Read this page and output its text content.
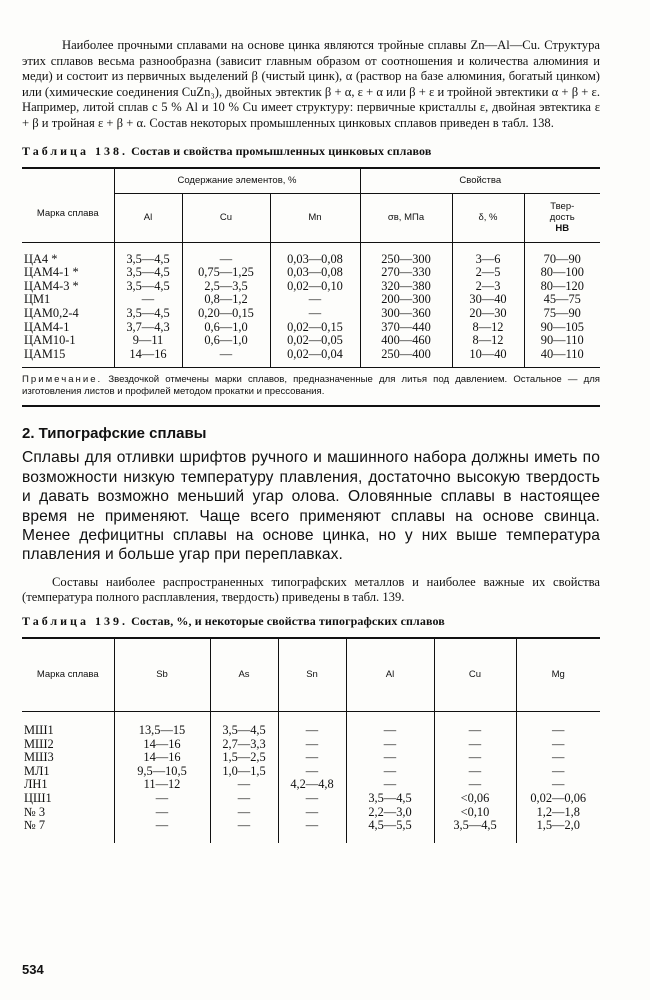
Наиболее прочными сплавами на основе цинка являются тройные сплавы Zn—Al—Cu. Структура этих сплавов весьма разнообразна (зависит главным образом от соотношения и количества алюминия и меди) и состоит из первичных выделений β (чистый цинк), α (раствор на базе алюминия, богатый цинком) или (химические соединения CuZn₃), двойных эвтектик β + α, ε + α или β + ε и тройной эвтектики α + β + ε. Например, литой сплав с 5 % Al и 10 % Cu имеет структуру: первичные кристаллы ε, двойная эвтектика ε + β и тройная ε + β + α. Состав некоторых промышленных цинковых сплавов приведен в табл. 138.

Таблица 138. Состав и свойства промышленных цинковых сплавов
Марка сплава	Содержание элементов, %			Свойства		
	Al	Cu	Mn	σв, МПа	δ, %	Твер-
дость
НВ

ЦА4 *	3,5—4,5	—	0,03—0,08	250—300	3—6	70—90
ЦАМ4-1 *	3,5—4,5	0,75—1,25	0,03—0,08	270—330	2—5	80—100
ЦАМ4-3 *	3,5—4,5	2,5—3,5	0,02—0,10	320—380	2—3	80—120
ЦМ1	—	0,8—1,2	—	200—300	30—40	45—75
ЦАМ0,2-4	3,5—4,5	0,20—0,15	—	300—360	20—30	75—90
ЦАМ4-1	3,7—4,3	0,6—1,0	0,02—0,15	370—440	8—12	90—105
ЦАМ10-1	9—11	0,6—1,0	0,02—0,05	400—460	8—12	90—110
ЦАМ15	14—16	—	0,02—0,04	250—400	10—40	40—110

Примечание. Звездочкой отмечены марки сплавов, предназначенные для литья под давлением. Остальное — для изготовления листов и профилей методом прокатки и прессования.

2. Типографские сплавы

Сплавы для отливки шрифтов ручного и машинного набора должны иметь по возможности низкую температуру плавления, достаточно высокую твердость и давать возможно меньший угар олова. Оловянные сплавы в настоящее время не применяют. Чаще всего применяют сплавы на основе свинца. Менее дефицитны сплавы на основе цинка, но у них выше температура плавления и больше угар при переплавках.

Составы наиболее распространенных типографских металлов и наиболее важные их свойства (температура полного расплавления, твердость) приведены в табл. 139.

Таблица 139. Состав, %, и некоторые свойства типографских сплавов
Марка сплава	Sb	As	Sn	Al	Cu	Mg

МШ1	13,5—15	3,5—4,5	—	—	—	—
МШ2	14—16	2,7—3,3	—	—	—	—
МШ3	14—16	1,5—2,5	—	—	—	—
МЛ1	9,5—10,5	1,0—1,5	—	—	—	—
ЛН1	11—12	—	4,2—4,8	—	—	—
ЦШ1	—	—	—	3,5—4,5	<0,06	0,02—0,06
№ 3	—	—	—	2,2—3,0	<0,10	1,2—1,8
№ 7	—	—	—	4,5—5,5	3,5—4,5	1,5—2,0

534
